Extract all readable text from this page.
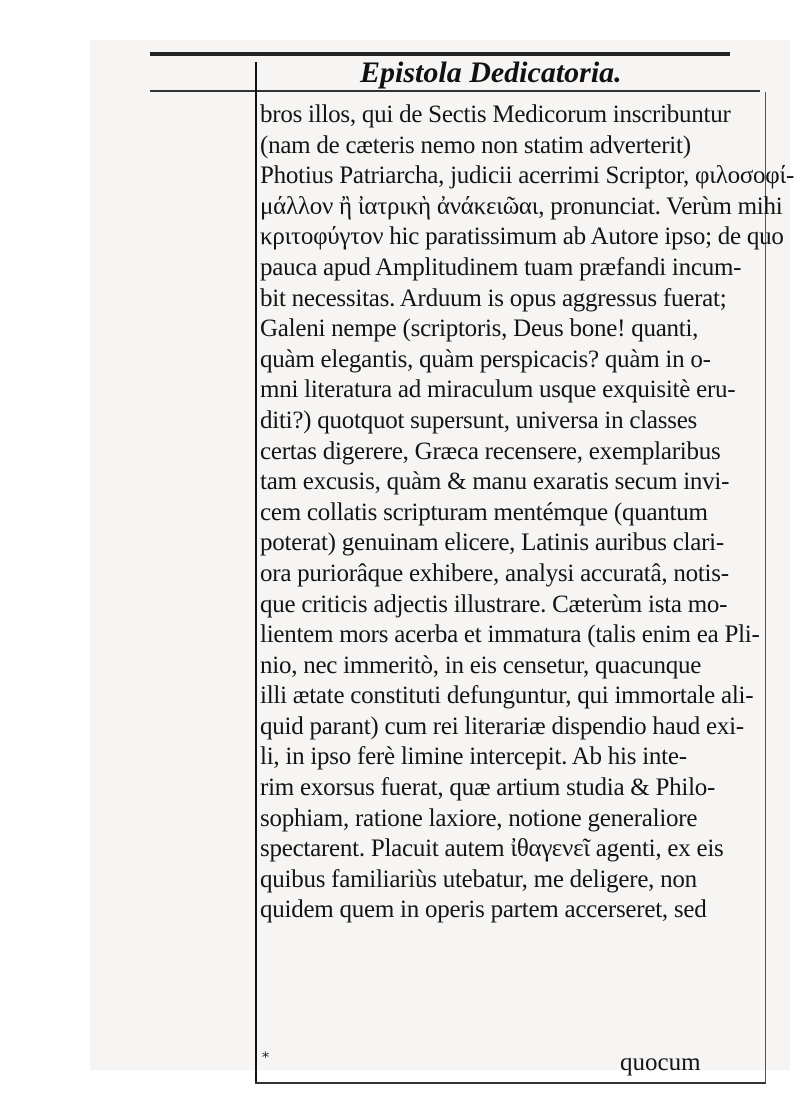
Epistola Dedicatoria.
bros illos, qui de Sectis Medicorum inscribuntur
(nam de cæteris nemo non statim adverterit)
Photius Patriarcha, judicii acerrimi Scriptor, φιλοσοφί-
μάλλον ἢ ἰατρικὴ ἀνάκειῶαι, pronunciat. Verùm mihi
κριτοφύγτον hic paratissimum ab Autore ipso; de quo
pauca apud Amplitudinem tuam præfandi incum-
bit necessitas. Arduum is opus aggressus fuerat;
Galeni nempe (scriptoris, Deus bone! quanti,
quàm elegantis, quàm perspicacis? quàm in o-
mni literatura ad miraculum usque exquisitè eru-
diti?) quotquot supersunt, universa in classes
certas digerere, Græca recensere, exemplaribus
tam excusis, quàm & manu exaratis secum invi-
cem collatis scripturam mentémque (quantum
poterat) genuinam elicere, Latinis auribus clari-
ora puriorâque exhibere, analysi accuratâ, notis-
que criticis adjectis illustrare. Cæterùm ista mo-
lientem mors acerba et immatura (talis enim ea Pli-
nio, nec immeritò, in eis censetur, quacunque
illi ætate constituti defunguntur, qui immortale ali-
quid parant) cum rei literariæ dispendio haud exi-
li, in ipso ferè limine intercepit. Ab his inte-
rim exorsus fuerat, quæ artium studia & Philo-
sophiam, ratione laxiore, notione generaliore
spectarent. Placuit autem ἰθαγενεῖ agenti, ex eis
quibus familiariùs utebatur, me deligere, non
quidem quem in operis partem accerseret, sed
*	quocum
